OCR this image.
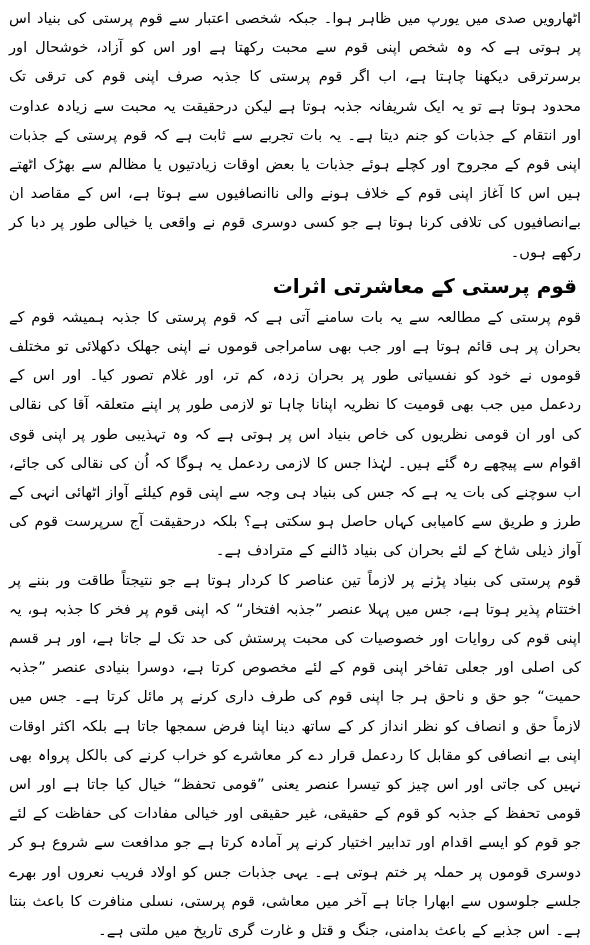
اٹھارویں صدی میں یورپ میں ظاہر ہوا۔ جبکہ شخصی اعتبار سے قوم پرستی کی بنیاد اس پر ہوتی ہے کہ وہ شخص اپنی قوم سے محبت رکھتا ہے اور اس کو آزاد، خوشحال اور برسرترقی دیکھنا چاہتا ہے، اب اگر قوم پرستی کا جذبہ صرف اپنی قوم کی ترقی تک محدود ہوتا ہے تو یہ ایک شریفانہ جذبہ ہوتا ہے لیکن درحقیقت یہ محبت سے زیادہ عداوت اور انتقام کے جذبات کو جنم دیتا ہے۔ یہ بات تجربے سے ثابت ہے کہ قوم پرستی کے جذبات اپنی قوم کے مجروح اور کچلے ہوئے جذبات یا بعض اوقات زیادتیوں یا مظالم سے بھڑک اٹھتے ہیں اس کا آغاز اپنی قوم کے خلاف ہونے والی ناانصافیوں سے ہوتا ہے، اس کے مقاصد ان بےانصافیوں کی تلافی کرنا ہوتا ہے جو کسی دوسری قوم نے واقعی یا خیالی طور پر دبا کر رکھے ہوں۔

قوم پرستی کے معاشرتی اثرات

قوم پرستی کے مطالعہ سے یہ بات سامنے آتی ہے کہ قوم پرستی کا جذبہ ہمیشہ قوم کے بحران پر ہی قائم ہوتا ہے اور جب بھی سامراجی قوموں نے اپنی جھلک دکھلائی تو مختلف قوموں نے خود کو نفسیاتی طور پر بحران زدہ، کم تر، اور غلام تصور کیا۔ اور اس کے ردعمل میں جب بھی قومیت کا نظریہ اپنانا چاہا تو لازمی طور پر اپنے متعلقہ آقا کی نقالی کی اور ان قومی نظریوں کی خاص بنیاد اس پر ہوتی ہے کہ وہ تہذیبی طور پر اپنی قوی اقوام سے پیچھے رہ گئے ہیں۔ لہٰذا جس کا لازمی ردعمل یہ ہوگا کہ اُن کی نقالی کی جائے، اب سوچنے کی بات یہ ہے کہ جس کی بنیاد ہی وجہ سے اپنی قوم کیلئے آواز اٹھائی انہی کے طرز و طریق سے کامیابی کہاں حاصل ہو سکتی ہے؟ بلکہ درحقیقت آج سرپرست قوم کی آواز ذیلی شاخ کے لئے بحران کی بنیاد ڈالنے کے مترادف ہے۔

قوم پرستی کی بنیاد پڑنے پر لازماً تین عناصر کا کردار ہوتا ہے جو نتیجتاً طاقت ور بننے پر اختتام پذیر ہوتا ہے، جس میں پہلا عنصر ”جذبہ افتخار“ کہ اپنی قوم پر فخر کا جذبہ ہو، یہ اپنی قوم کی روایات اور خصوصیات کی محبت پرستش کی حد تک لے جاتا ہے، اور ہر قسم کی اصلی اور جعلی تفاخر اپنی قوم کے لئے مخصوص کرتا ہے، دوسرا بنیادی عنصر ”جذبہ حمیت“ جو حق و ناحق ہر جا اپنی قوم کی طرف داری کرنے پر مائل کرتا ہے۔ جس میں لازماً حق و انصاف کو نظر انداز کر کے ساتھ دینا اپنا فرض سمجھا جاتا ہے بلکہ اکثر اوقات اپنی بے انصافی کو مقابل کا ردعمل قرار دے کر معاشرے کو خراب کرنے کی بالکل پرواہ بھی نہیں کی جاتی اور اس چیز کو تیسرا عنصر یعنی ”قومی تحفظ“ خیال کیا جاتا ہے اور اس قومی تحفظ کے جذبہ کو قوم کے حقیقی، غیر حقیقی اور خیالی مفادات کی حفاظت کے لئے جو قوم کو ایسے اقدام اور تدابیر اختیار کرنے پر آمادہ کرتا ہے جو مدافعت سے شروع ہو کر دوسری قوموں پر حملہ پر ختم ہوتی ہے۔ یہی جذبات جس کو اولاد فریب نعروں اور بھرے جلسے جلوسوں سے ابھارا جاتا ہے آخر میں معاشی، قوم پرستی، نسلی منافرت کا باعث بنتا ہے۔ اس جذبے کے باعث بدامنی، جنگ و قتل و غارت گری تاریخ میں ملتی ہے۔
